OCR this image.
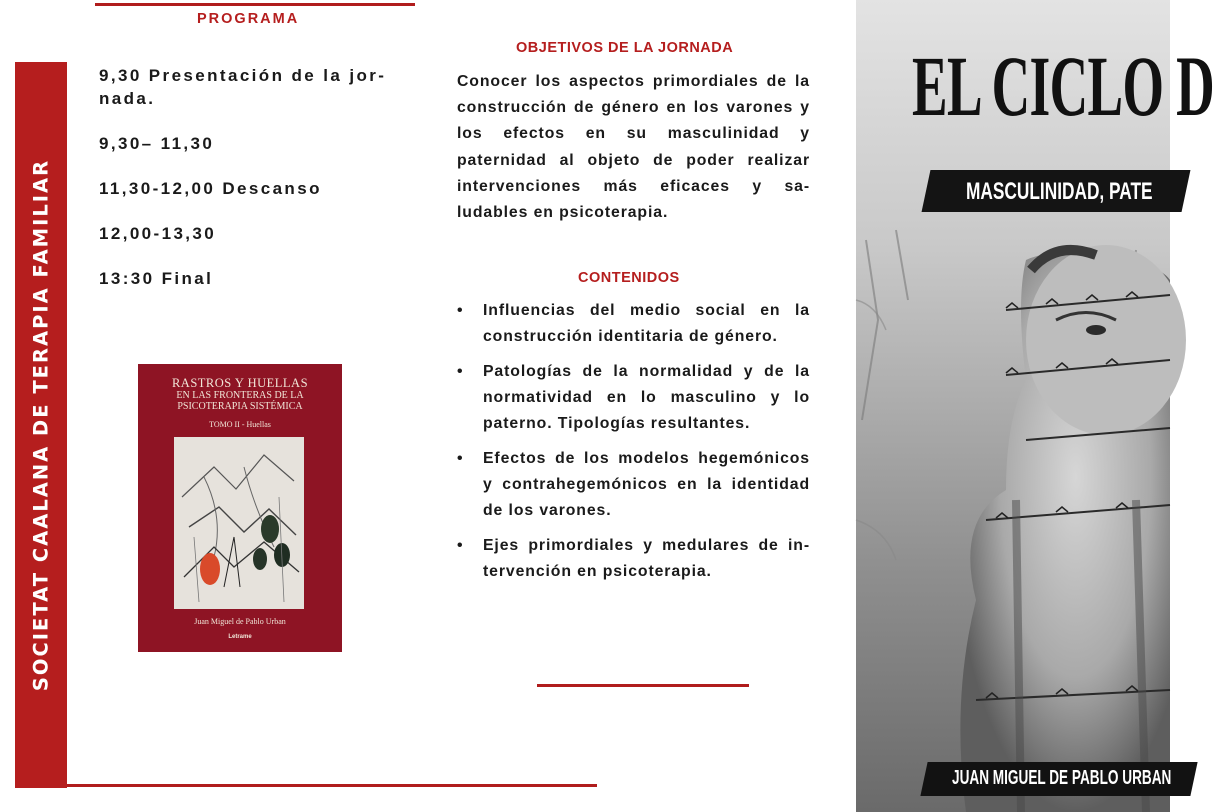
SOCIETAT CAALANA DE TERAPIA FAMILIAR
PROGRAMA
9,30 Presentación de la jor-nada.
9,30– 11,30
11,30-12,00 Descanso
12,00-13,30
13:30 Final
RASTROS Y HUELLAS
EN LAS FRONTERAS DE LA
PSICOTERAPIA SISTÉMICA
TOMO II - Huellas
Juan Miguel de Pablo Urban
Letrame
OBJETIVOS DE LA JORNADA
Conocer los aspectos primordiales de la construcción de género en los varones y los efectos en su masculinidad y paternidad al objeto de poder realizar intervenciones más eficaces y sa-ludables en psicoterapia.
CONTENIDOS
• Influencias del medio social en la construcción identitaria de género.
• Patologías de la normalidad y de la normatividad en lo masculino y lo paterno. Tipologías resultantes.
• Efectos de los modelos hegemónicos y contrahegemónicos en la identidad de los varones.
• Ejes primordiales y medulares de in-tervención en psicoterapia.
EL CICLO D
MASCULINIDAD, PATE
JUAN MIGUEL DE PABLO URBAN
